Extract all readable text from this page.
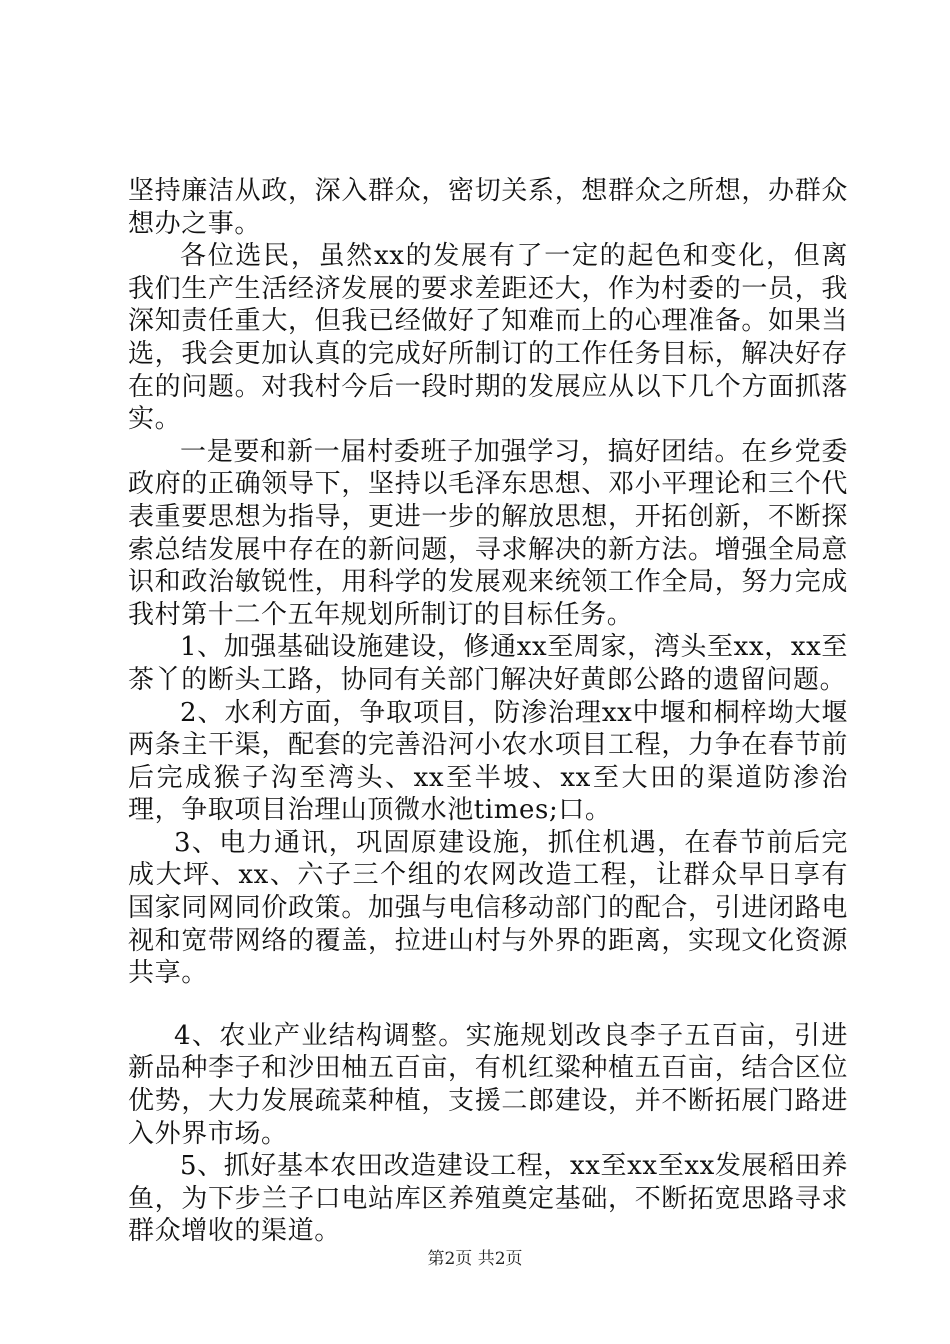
坚持廉洁从政，深入群众，密切关系，想群众之所想，办群众想办之事。

各位选民，虽然xx的发展有了一定的起色和变化，但离我们生产生活经济发展的要求差距还大，作为村委的一员，我深知责任重大，但我已经做好了知难而上的心理准备。如果当选，我会更加认真的完成好所制订的工作任务目标，解决好存在的问题。对我村今后一段时期的发展应从以下几个方面抓落实。

一是要和新一届村委班子加强学习，搞好团结。在乡党委政府的正确领导下，坚持以毛泽东思想、邓小平理论和三个代表重要思想为指导，更进一步的解放思想，开拓创新，不断探索总结发展中存在的新问题，寻求解决的新方法。增强全局意识和政治敏锐性，用科学的发展观来统领工作全局，努力完成我村第十二个五年规划所制订的目标任务。

1、加强基础设施建设，修通xx至周家，湾头至xx，xx至茶丫的断头工路，协同有关部门解决好黄郎公路的遗留问题。

2、水利方面，争取项目，防渗治理xx中堰和桐梓坳大堰两条主干渠，配套的完善沿河小农水项目工程，力争在春节前后完成猴子沟至湾头、xx至半坡、xx至大田的渠道防渗治理，争取项目治理山顶微水池times;口。

3、电力通讯，巩固原建设施，抓住机遇，在春节前后完成大坪、xx、六子三个组的农网改造工程，让群众早日享有国家同网同价政策。加强与电信移动部门的配合，引进闭路电视和宽带网络的覆盖，拉进山村与外界的距离，实现文化资源共享。

4、农业产业结构调整。实施规划改良李子五百亩，引进新品种李子和沙田柚五百亩，有机红粱种植五百亩，结合区位优势，大力发展疏菜种植，支援二郎建设，并不断拓展门路进入外界市场。

5、抓好基本农田改造建设工程，xx至xx至xx发展稻田养鱼，为下步兰子口电站库区养殖奠定基础，不断拓宽思路寻求群众增收的渠道。

第2页 共2页
